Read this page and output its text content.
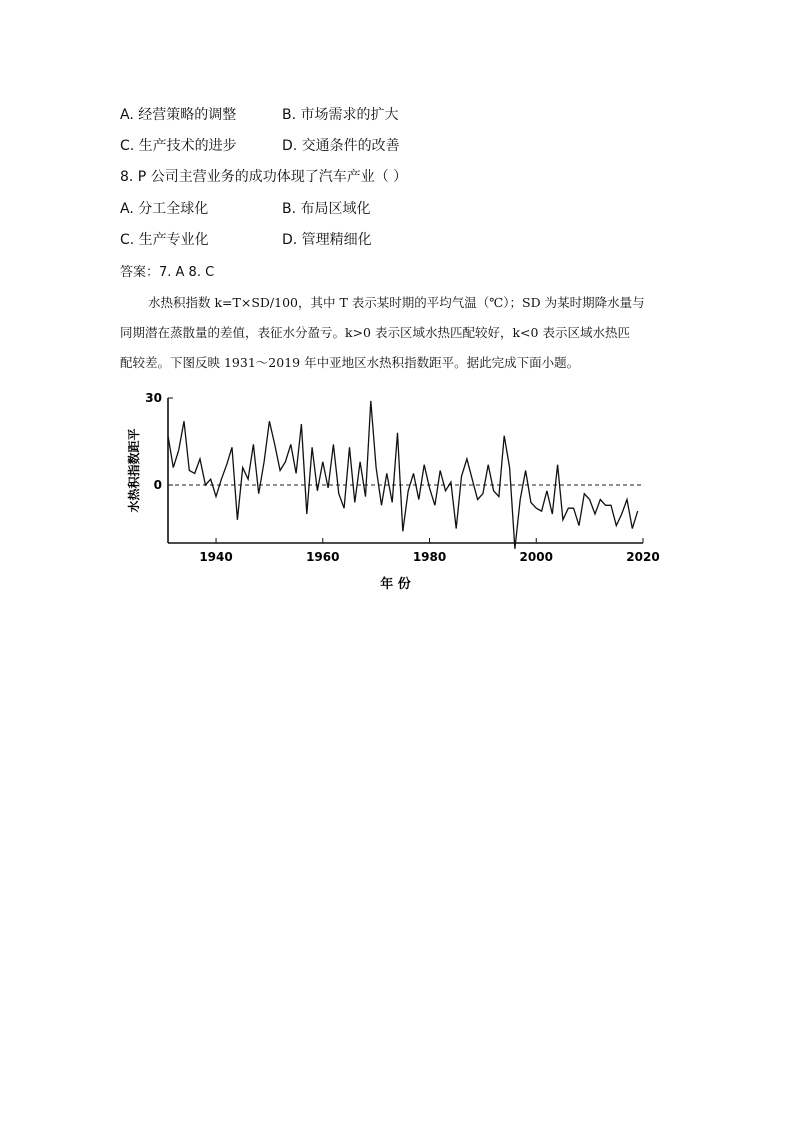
A. 经营策略的调整	B. 市场需求的扩大
C. 生产技术的进步	D. 交通条件的改善
8. P 公司主营业务的成功体现了汽车产业（ ）
A. 分工全球化	B. 布局区域化
C. 生产专业化	D. 管理精细化
答案：7. A 8. C
水热积指数 k=T×SD/100，其中 T 表示某时期的平均气温（℃）；SD 为某时期降水量与
同期潜在蒸散量的差值，表征水分盈亏。k>0 表示区域水热匹配较好，k<0 表示区域水热匹
配较差。下图反映 1931～2019 年中亚地区水热积指数距平。据此完成下面小题。
30
0
1940	1960	1980	2000	2020
年 份
水热积指数距平
